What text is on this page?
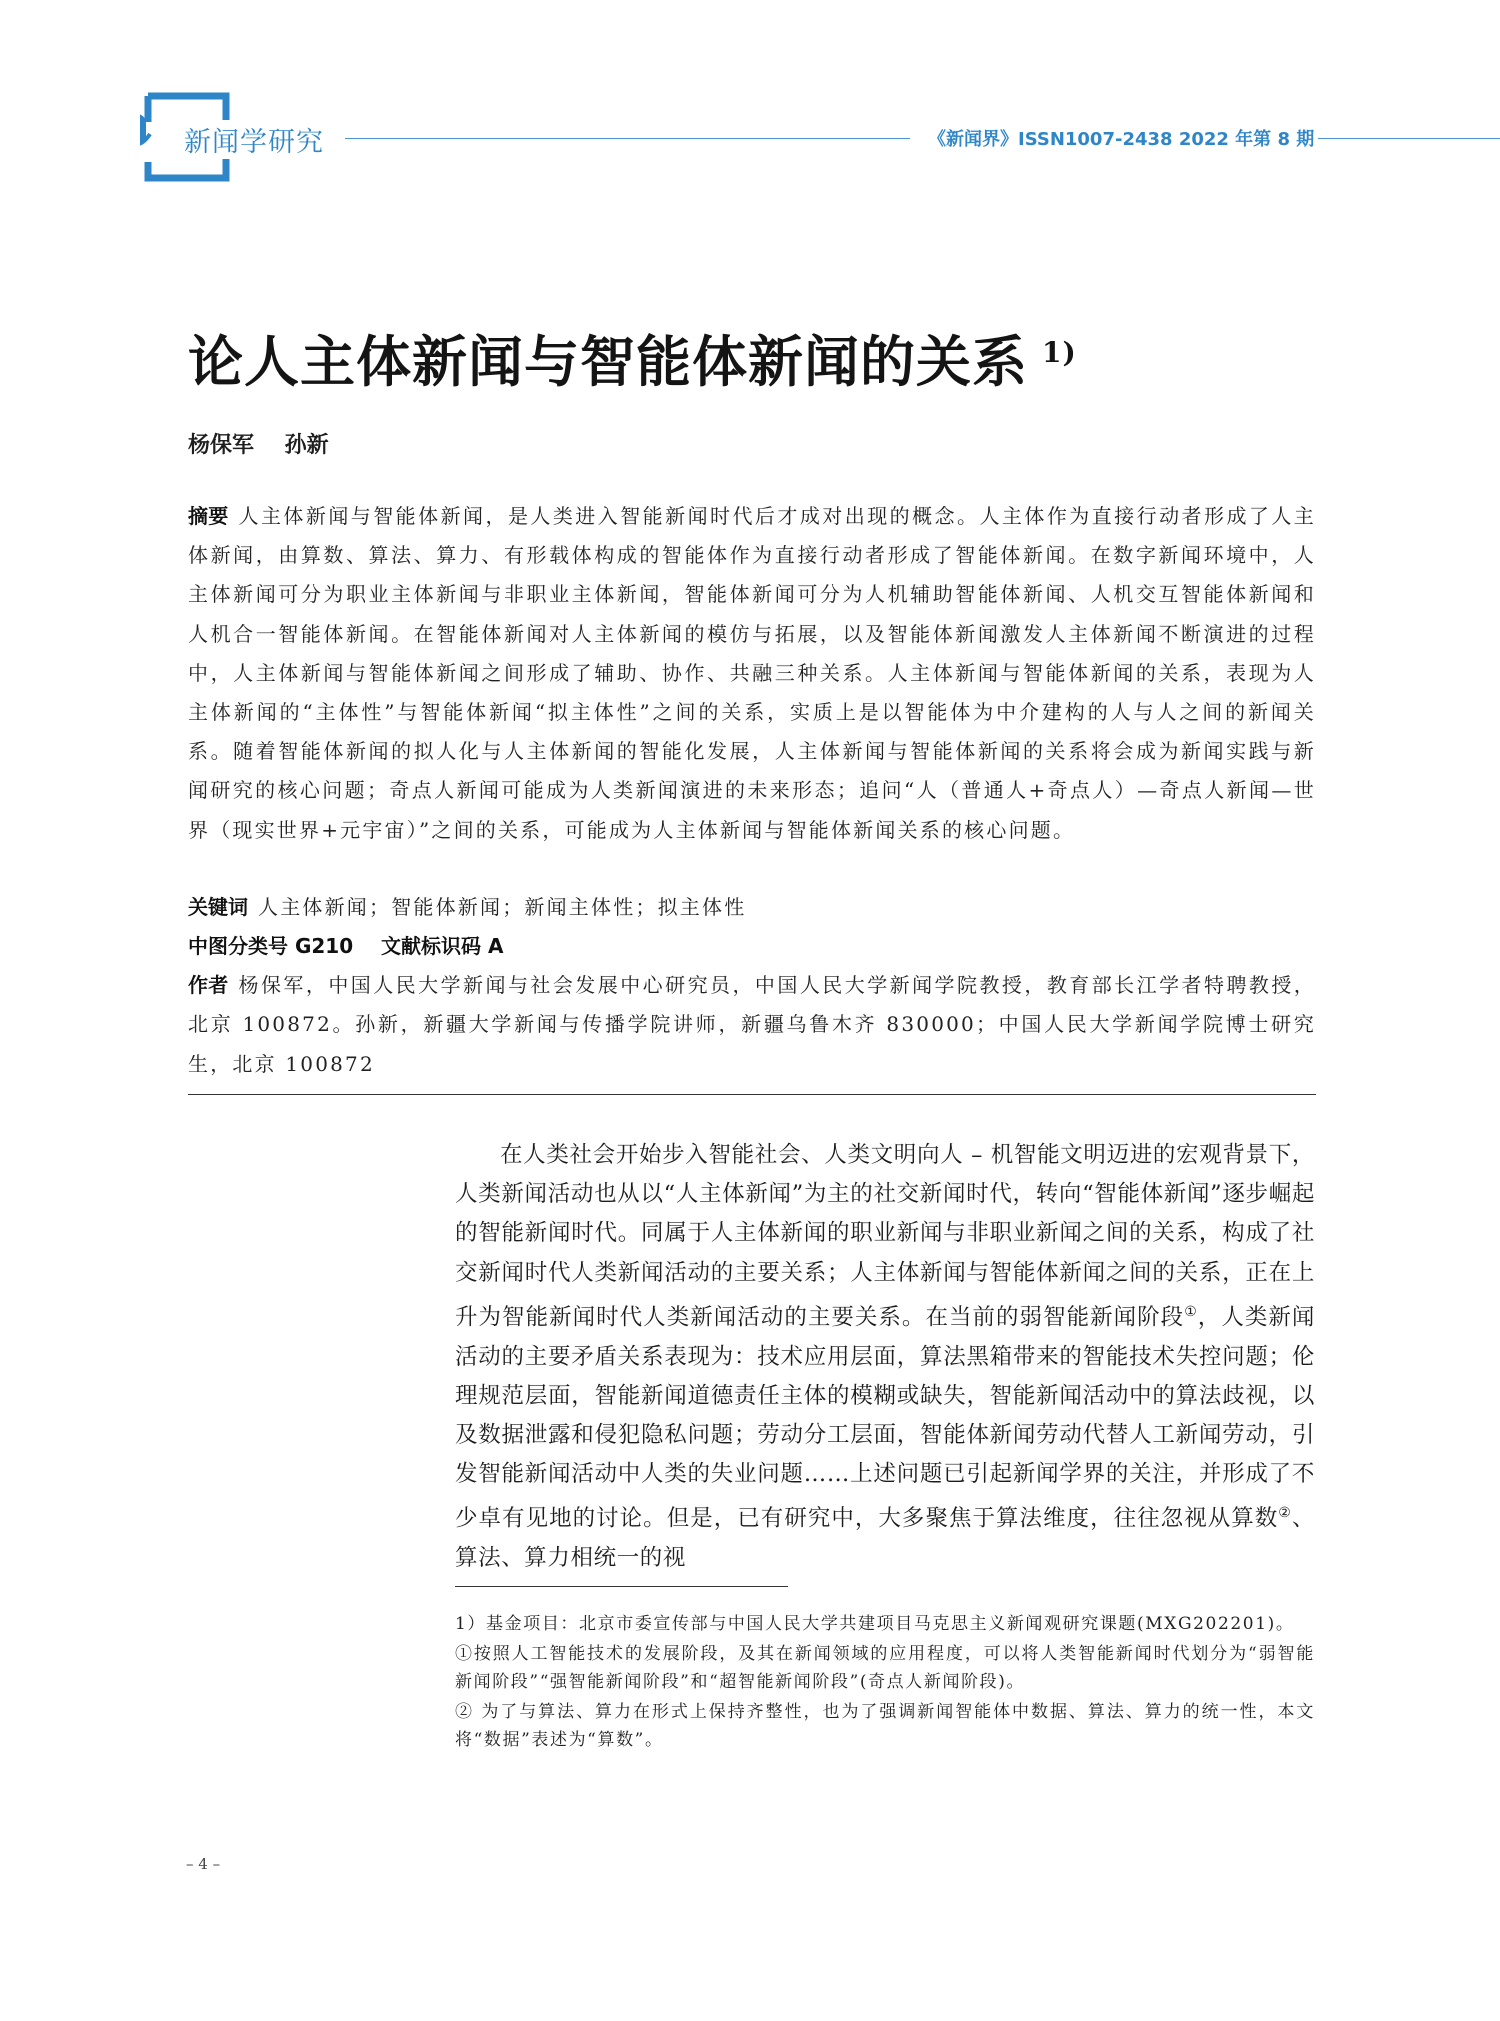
新闻学研究	《新闻界》ISSN1007-2438 2022 年第 8 期
论人主体新闻与智能体新闻的关系 $^{1)}$
杨保军    孙新
摘要 人主体新闻与智能体新闻，是人类进入智能新闻时代后才成对出现的概念。人主体作为直接行动者形成了人主体新闻，由算数、算法、算力、有形载体构成的智能体作为直接行动者形成了智能体新闻。在数字新闻环境中，人主体新闻可分为职业主体新闻与非职业主体新闻，智能体新闻可分为人机辅助智能体新闻、人机交互智能体新闻和人机合一智能体新闻。在智能体新闻对人主体新闻的模仿与拓展，以及智能体新闻激发人主体新闻不断演进的过程中，人主体新闻与智能体新闻之间形成了辅助、协作、共融三种关系。人主体新闻与智能体新闻的关系，表现为人主体新闻的“主体性”与智能体新闻“拟主体性”之间的关系，实质上是以智能体为中介建构的人与人之间的新闻关系。随着智能体新闻的拟人化与人主体新闻的智能化发展，人主体新闻与智能体新闻的关系将会成为新闻实践与新闻研究的核心问题；奇点人新闻可能成为人类新闻演进的未来形态；追问“人（普通人+奇点人）—奇点人新闻—世界（现实世界+元宇宙）”之间的关系，可能成为人主体新闻与智能体新闻关系的核心问题。
关键词 人主体新闻；智能体新闻；新闻主体性；拟主体性
中图分类号 G210    文献标识码 A
作者 杨保军，中国人民大学新闻与社会发展中心研究员，中国人民大学新闻学院教授，教育部长江学者特聘教授，北京 100872。孙新，新疆大学新闻与传播学院讲师，新疆乌鲁木齐 830000；中国人民大学新闻学院博士研究生，北京 100872
在人类社会开始步入智能社会、人类文明向人 – 机智能文明迈进的宏观背景下，人类新闻活动也从以“人主体新闻”为主的社交新闻时代，转向“智能体新闻”逐步崛起的智能新闻时代。同属于人主体新闻的职业新闻与非职业新闻之间的关系，构成了社交新闻时代人类新闻活动的主要关系；人主体新闻与智能体新闻之间的关系，正在上升为智能新闻时代人类新闻活动的主要关系。在当前的弱智能新闻阶段①，人类新闻活动的主要矛盾关系表现为：技术应用层面，算法黑箱带来的智能技术失控问题；伦理规范层面，智能新闻道德责任主体的模糊或缺失，智能新闻活动中的算法歧视，以及数据泄露和侵犯隐私问题；劳动分工层面，智能体新闻劳动代替人工新闻劳动，引发智能新闻活动中人类的失业问题……上述问题已引起新闻学界的关注，并形成了不少卓有见地的讨论。但是，已有研究中，大多聚焦于算法维度，往往忽视从算数②、算法、算力相统一的视

1）基金项目：北京市委宣传部与中国人民大学共建项目马克思主义新闻观研究课题(MXG202201)。

①按照人工智能技术的发展阶段，及其在新闻领域的应用程度，可以将人类智能新闻时代划分为“弱智能新闻阶段”“强智能新闻阶段”和“超智能新闻阶段”(奇点人新闻阶段)。

② 为了与算法、算力在形式上保持齐整性，也为了强调新闻智能体中数据、算法、算力的统一性，本文将“数据”表述为“算数”。

– 4 –
